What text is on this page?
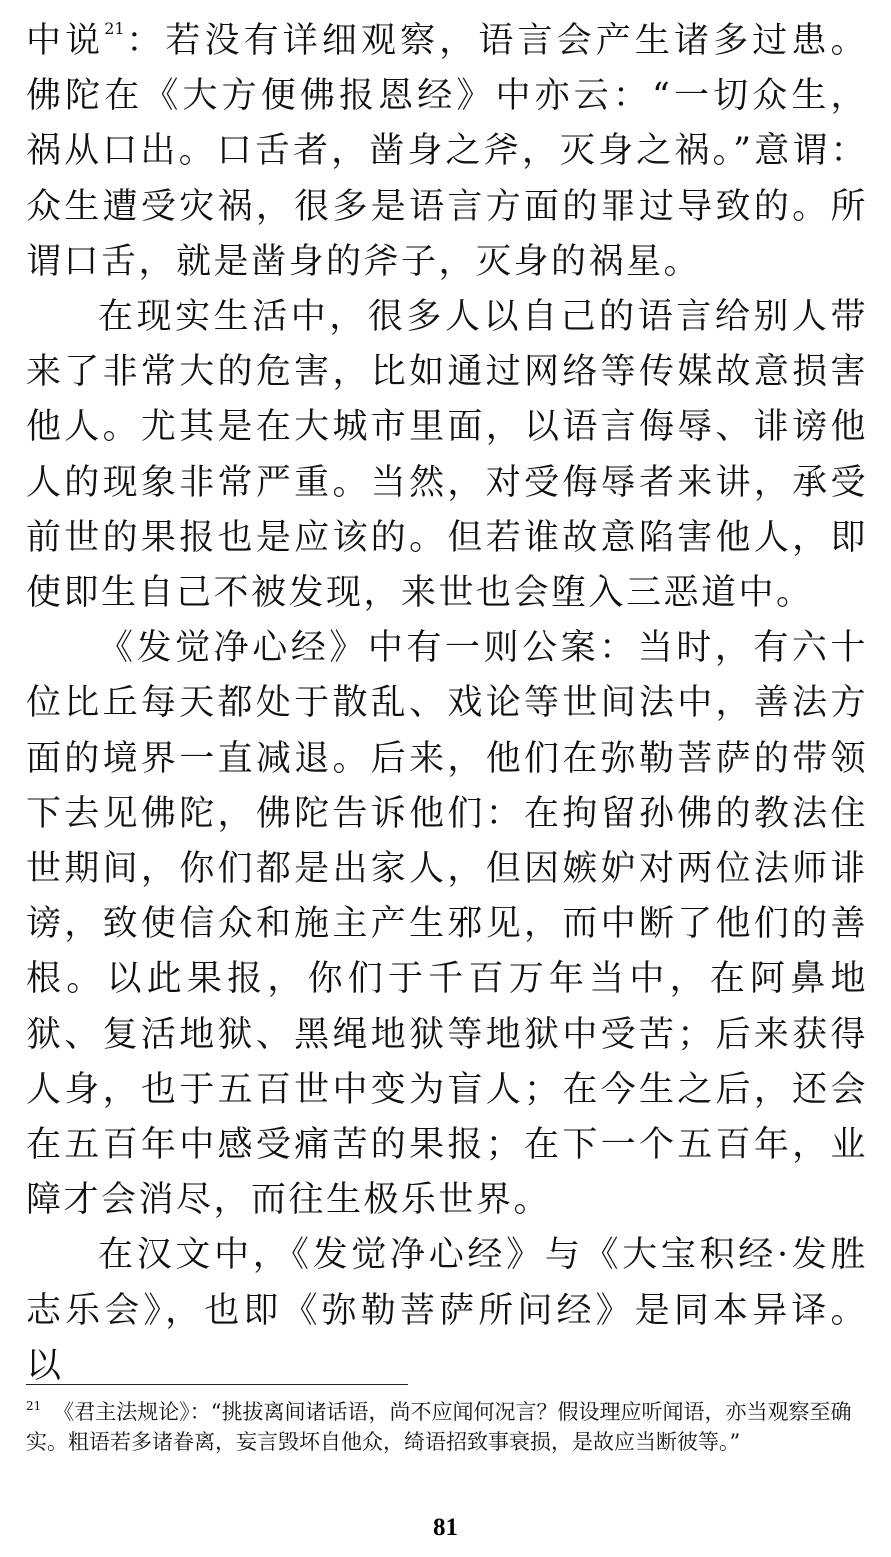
中说$^{21}$：若没有详细观察，语言会产生诸多过患。佛陀在《大方便佛报恩经》中亦云：“一切众生，祸从口出。口舌者，凿身之斧，灭身之祸。”意谓：众生遭受灾祸，很多是语言方面的罪过导致的。所谓口舌，就是凿身的斧子，灭身的祸星。

在现实生活中，很多人以自己的语言给别人带来了非常大的危害，比如通过网络等传媒故意损害他人。尤其是在大城市里面，以语言侮辱、诽谤他人的现象非常严重。当然，对受侮辱者来讲，承受前世的果报也是应该的。但若谁故意陷害他人，即使即生自己不被发现，来世也会堕入三恶道中。

《发觉净心经》中有一则公案：当时，有六十位比丘每天都处于散乱、戏论等世间法中，善法方面的境界一直减退。后来，他们在弥勒菩萨的带领下去见佛陀，佛陀告诉他们：在拘留孙佛的教法住世期间，你们都是出家人，但因嫉妒对两位法师诽谤，致使信众和施主产生邪见，而中断了他们的善根。以此果报，你们于千百万年当中，在阿鼻地狱、复活地狱、黑绳地狱等地狱中受苦；后来获得人身，也于五百世中变为盲人；在今生之后，还会在五百年中感受痛苦的果报；在下一个五百年，业障才会消尽，而往生极乐世界。

在汉文中，《发觉净心经》与《大宝积经·发胜志乐会》，也即《弥勒菩萨所问经》是同本异译。以

$^{21}$ 《君主法规论》：“挑拔离间诸话语，尚不应闻何况言？假设理应听闻语，亦当观察至确实。粗语若多诸眷离，妄言毁坏自他众，绮语招致事衰损，是故应当断彼等。”
81
